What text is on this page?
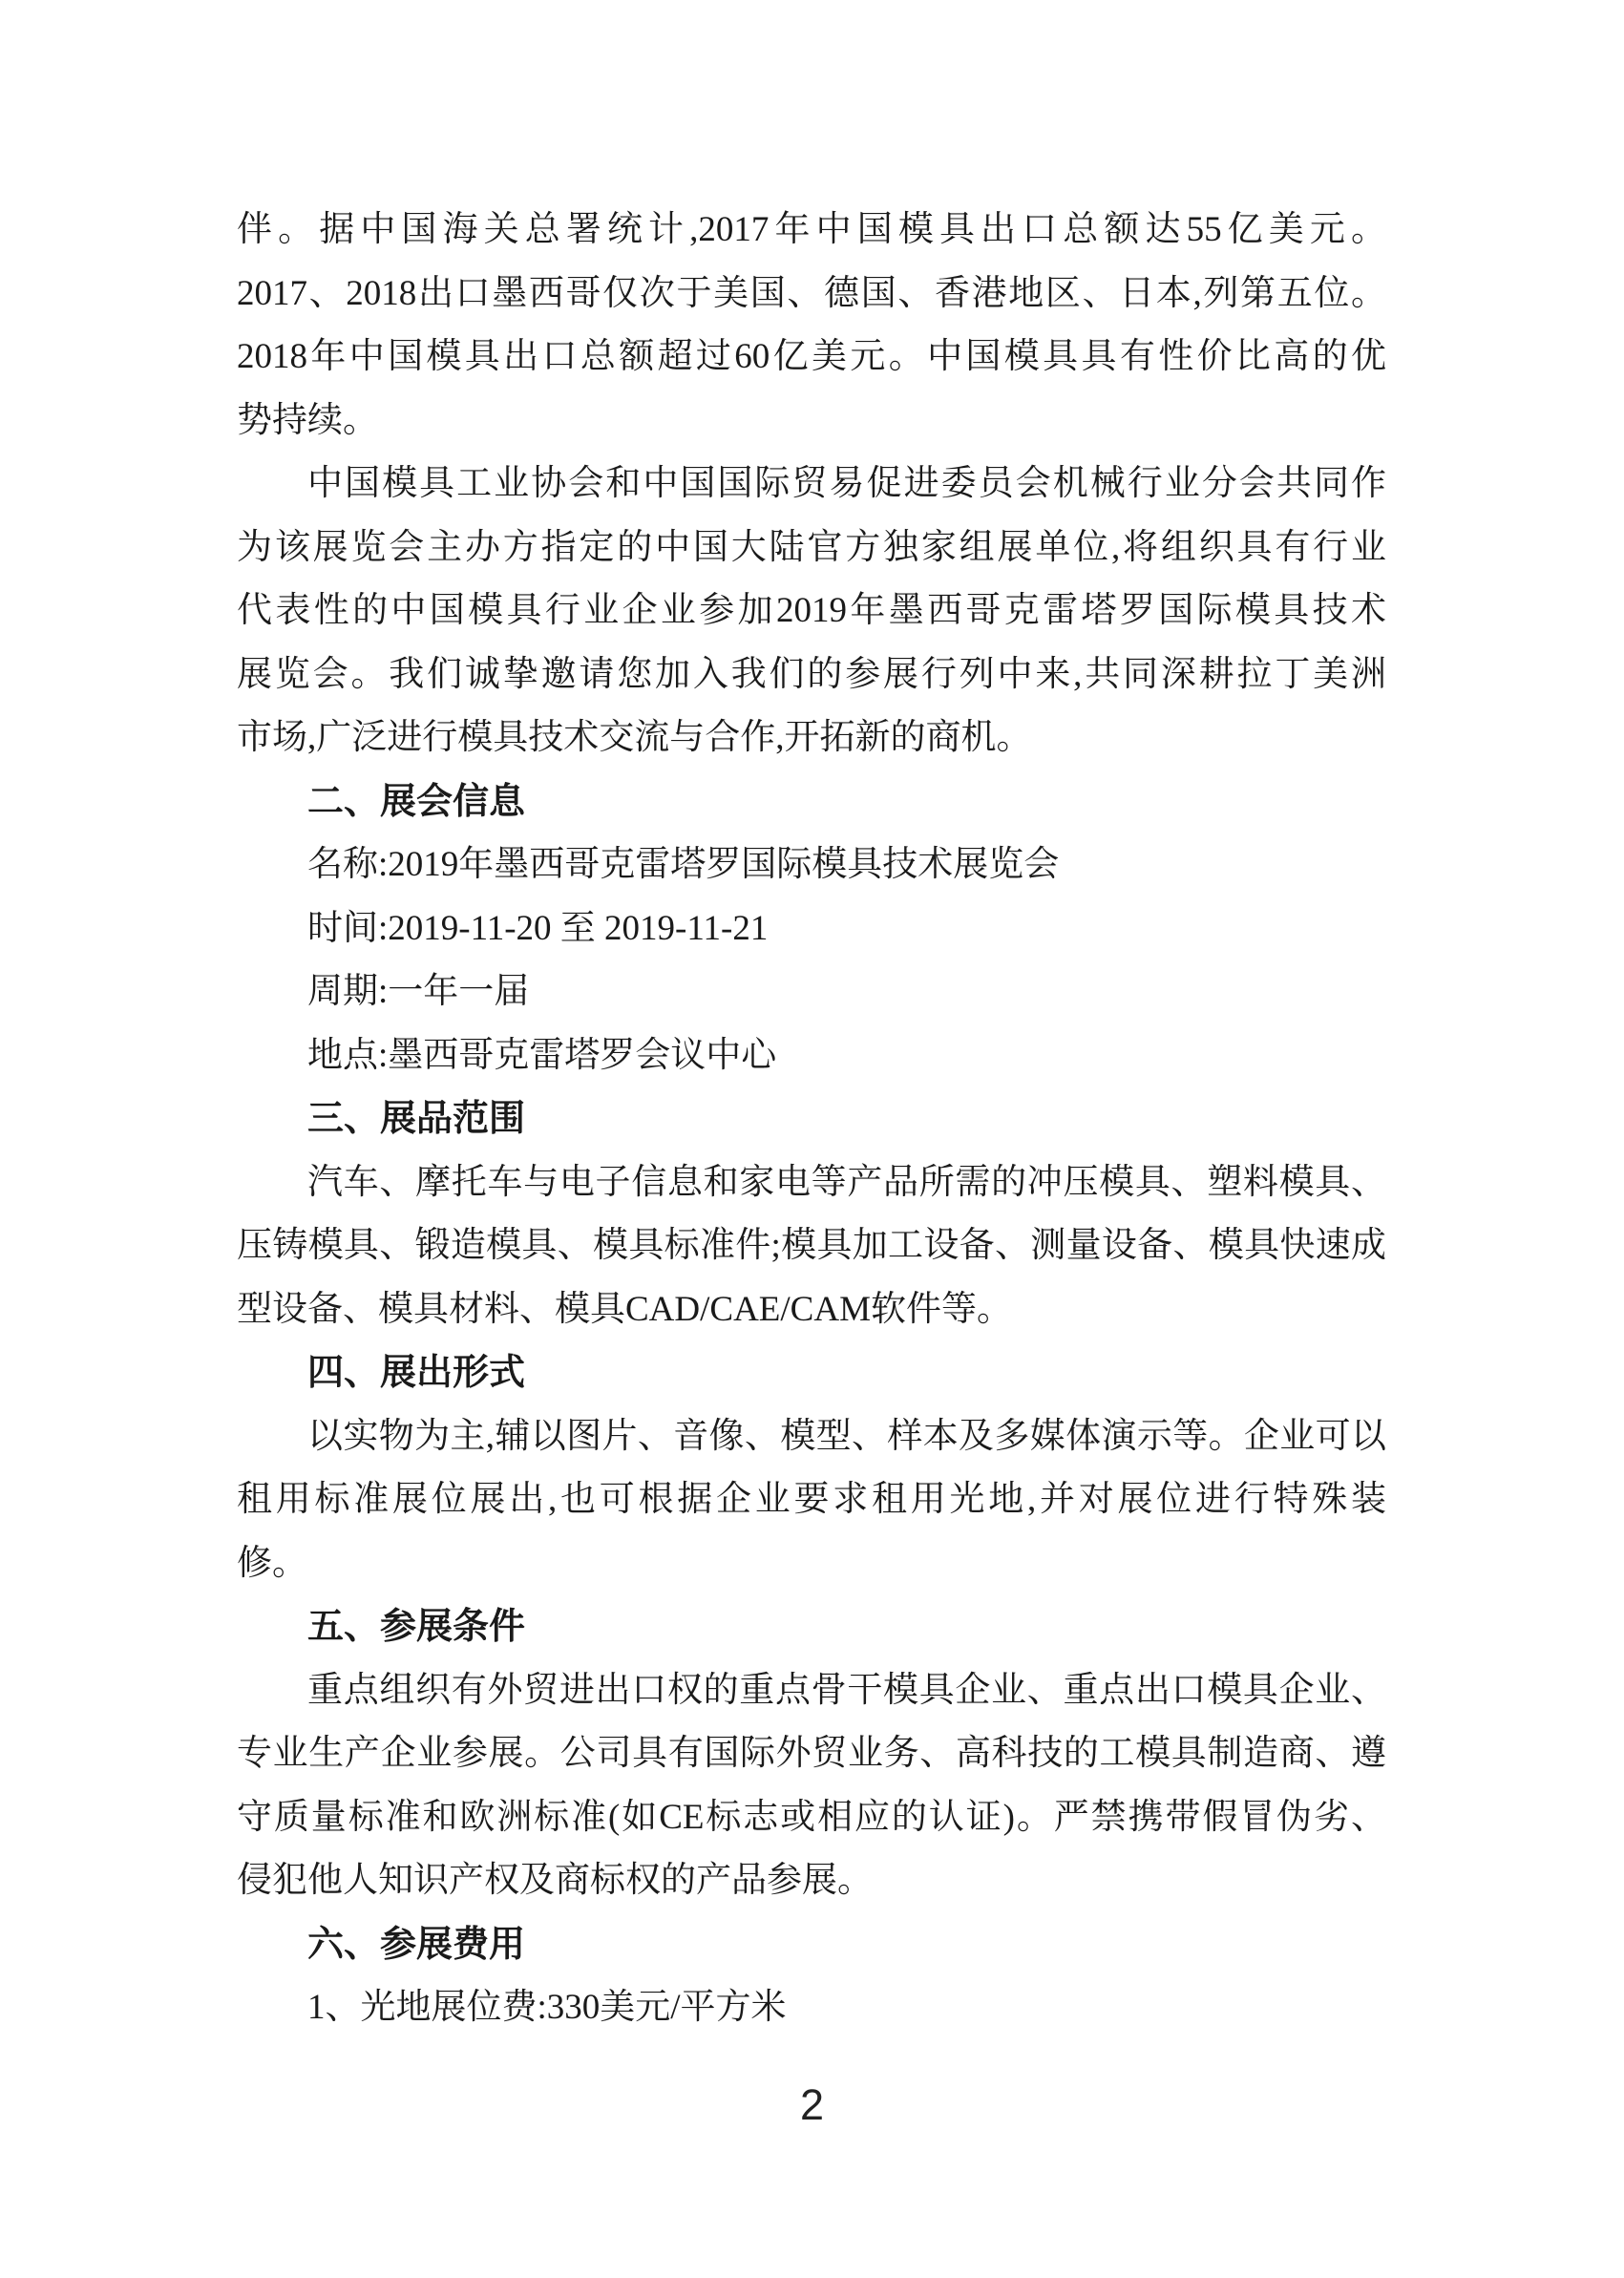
伴。据中国海关总署统计,2017年中国模具出口总额达55亿美元。
2017、2018出口墨西哥仅次于美国、德国、香港地区、日本,列第五位。
2018年中国模具出口总额超过60亿美元。中国模具具有性价比高的优
势持续。
中国模具工业协会和中国国际贸易促进委员会机械行业分会共同作
为该展览会主办方指定的中国大陆官方独家组展单位,将组织具有行业
代表性的中国模具行业企业参加2019年墨西哥克雷塔罗国际模具技术
展览会。我们诚挚邀请您加入我们的参展行列中来,共同深耕拉丁美洲
市场,广泛进行模具技术交流与合作,开拓新的商机。
二、展会信息
名称:2019年墨西哥克雷塔罗国际模具技术展览会
时间:2019-11-20 至 2019-11-21
周期:一年一届
地点:墨西哥克雷塔罗会议中心
三、展品范围
汽车、摩托车与电子信息和家电等产品所需的冲压模具、塑料模具、
压铸模具、锻造模具、模具标准件;模具加工设备、测量设备、模具快速成
型设备、模具材料、模具CAD/CAE/CAM软件等。
四、展出形式
以实物为主,辅以图片、音像、模型、样本及多媒体演示等。企业可以
租用标准展位展出,也可根据企业要求租用光地,并对展位进行特殊装
修。
五、参展条件
重点组织有外贸进出口权的重点骨干模具企业、重点出口模具企业、
专业生产企业参展。公司具有国际外贸业务、高科技的工模具制造商、遵
守质量标准和欧洲标准(如CE标志或相应的认证)。严禁携带假冒伪劣、
侵犯他人知识产权及商标权的产品参展。
六、参展费用
1、光地展位费:330美元/平方米
2
